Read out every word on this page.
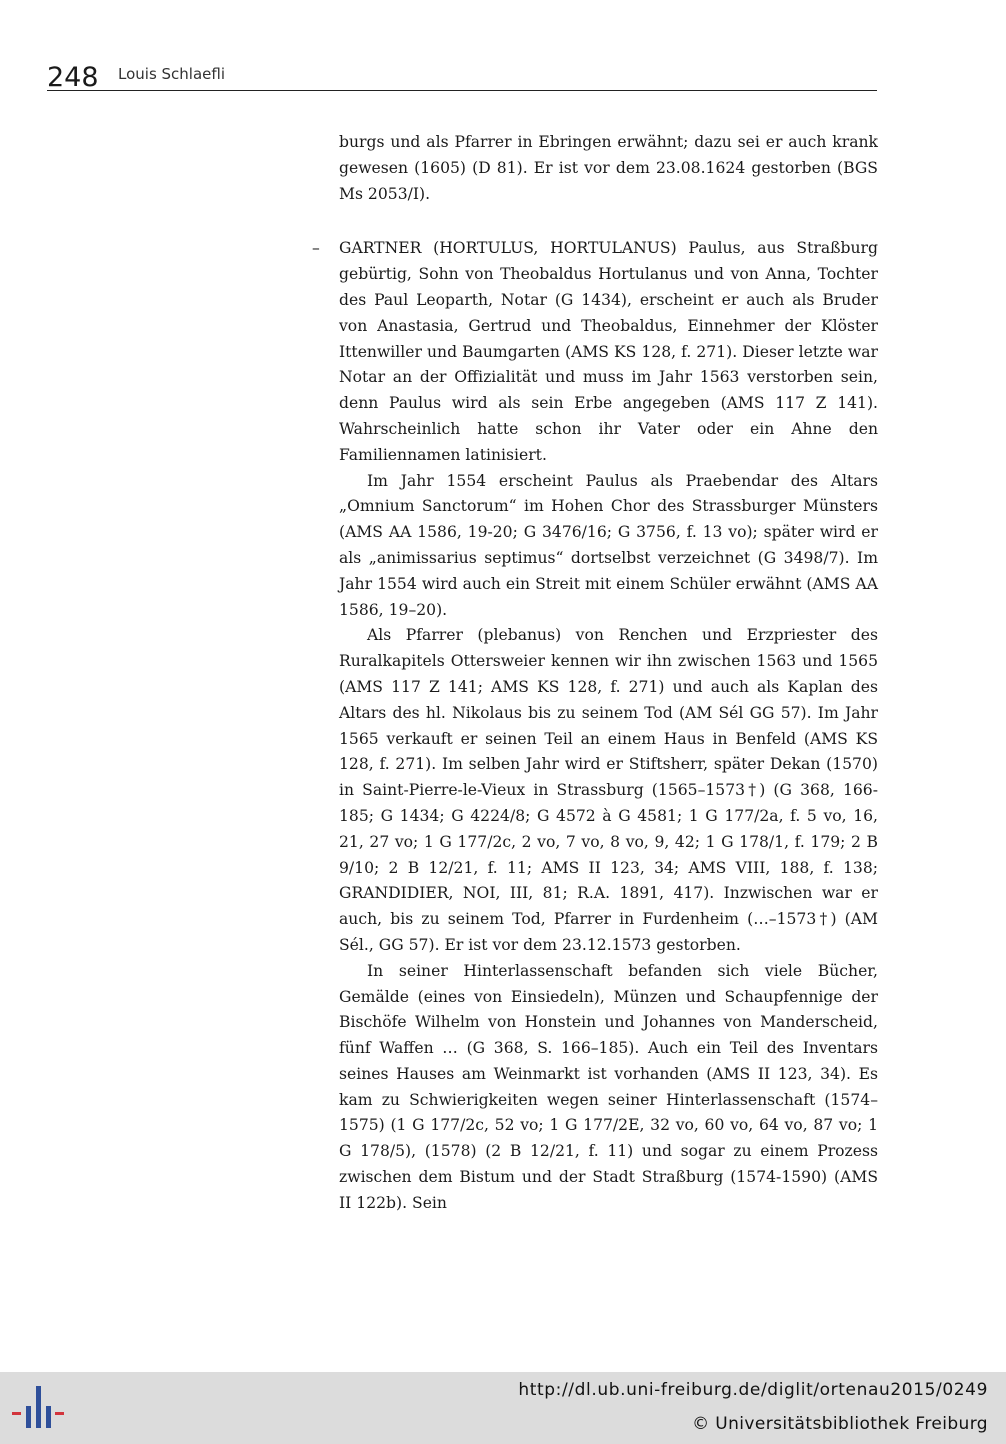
248 Louis Schlaefli

burgs und als Pfarrer in Ebringen erwähnt; dazu sei er auch krank gewesen (1605) (D 81). Er ist vor dem 23.08.1624 gestorben (BGS Ms 2053/I).

– GARTNER (HORTULUS, HORTULANUS) Paulus, aus Straßburg gebürtig, Sohn von Theobaldus Hortulanus und von Anna, Tochter des Paul Leoparth, Notar (G 1434), erscheint er auch als Bruder von Anastasia, Gertrud und Theobaldus, Einnehmer der Klöster Ittenwiller und Baumgarten (AMS KS 128, f. 271). Dieser letzte war Notar an der Offizialität und muss im Jahr 1563 verstorben sein, denn Paulus wird als sein Erbe angegeben (AMS 117 Z 141). Wahrscheinlich hatte schon ihr Vater oder ein Ahne den Familiennamen latinisiert.

Im Jahr 1554 erscheint Paulus als Praebendar des Altars „Omnium Sanctorum“ im Hohen Chor des Strassburger Münsters (AMS AA 1586, 19-20; G 3476/16; G 3756, f. 13 vo); später wird er als „animissarius septimus“ dortselbst verzeichnet (G 3498/7). Im Jahr 1554 wird auch ein Streit mit einem Schüler erwähnt (AMS AA 1586, 19–20).

Als Pfarrer (plebanus) von Renchen und Erzpriester des Ruralkapitels Ottersweier kennen wir ihn zwischen 1563 und 1565 (AMS 117 Z 141; AMS KS 128, f. 271) und auch als Kaplan des Altars des hl. Nikolaus bis zu seinem Tod (AM Sél GG 57). Im Jahr 1565 verkauft er seinen Teil an einem Haus in Benfeld (AMS KS 128, f. 271). Im selben Jahr wird er Stiftsherr, später Dekan (1570) in Saint-Pierre-le-Vieux in Strassburg (1565–1573†) (G 368, 166-185; G 1434; G 4224/8; G 4572 à G 4581; 1 G 177/2a, f. 5 vo, 16, 21, 27 vo; 1 G 177/2c, 2 vo, 7 vo, 8 vo, 9, 42; 1 G 178/1, f. 179; 2 B 9/10; 2 B 12/21, f. 11; AMS II 123, 34; AMS VIII, 188, f. 138; GRANDIDIER, NOI, III, 81; R.A. 1891, 417). Inzwischen war er auch, bis zu seinem Tod, Pfarrer in Furdenheim (…–1573†) (AM Sél., GG 57). Er ist vor dem 23.12.1573 gestorben.

In seiner Hinterlassenschaft befanden sich viele Bücher, Gemälde (eines von Einsiedeln), Münzen und Schaupfennige der Bischöfe Wilhelm von Honstein und Johannes von Manderscheid, fünf Waffen … (G 368, S. 166–185). Auch ein Teil des Inventars seines Hauses am Weinmarkt ist vorhanden (AMS II 123, 34). Es kam zu Schwierigkeiten wegen seiner Hinterlassenschaft (1574–1575) (1 G 177/2c, 52 vo; 1 G 177/2E, 32 vo, 60 vo, 64 vo, 87 vo; 1 G 178/5), (1578) (2 B 12/21, f. 11) und sogar zu einem Prozess zwischen dem Bistum und der Stadt Straßburg (1574-1590) (AMS II 122b). Sein

http://dl.ub.uni-freiburg.de/diglit/ortenau2015/0249
© Universitätsbibliothek Freiburg
